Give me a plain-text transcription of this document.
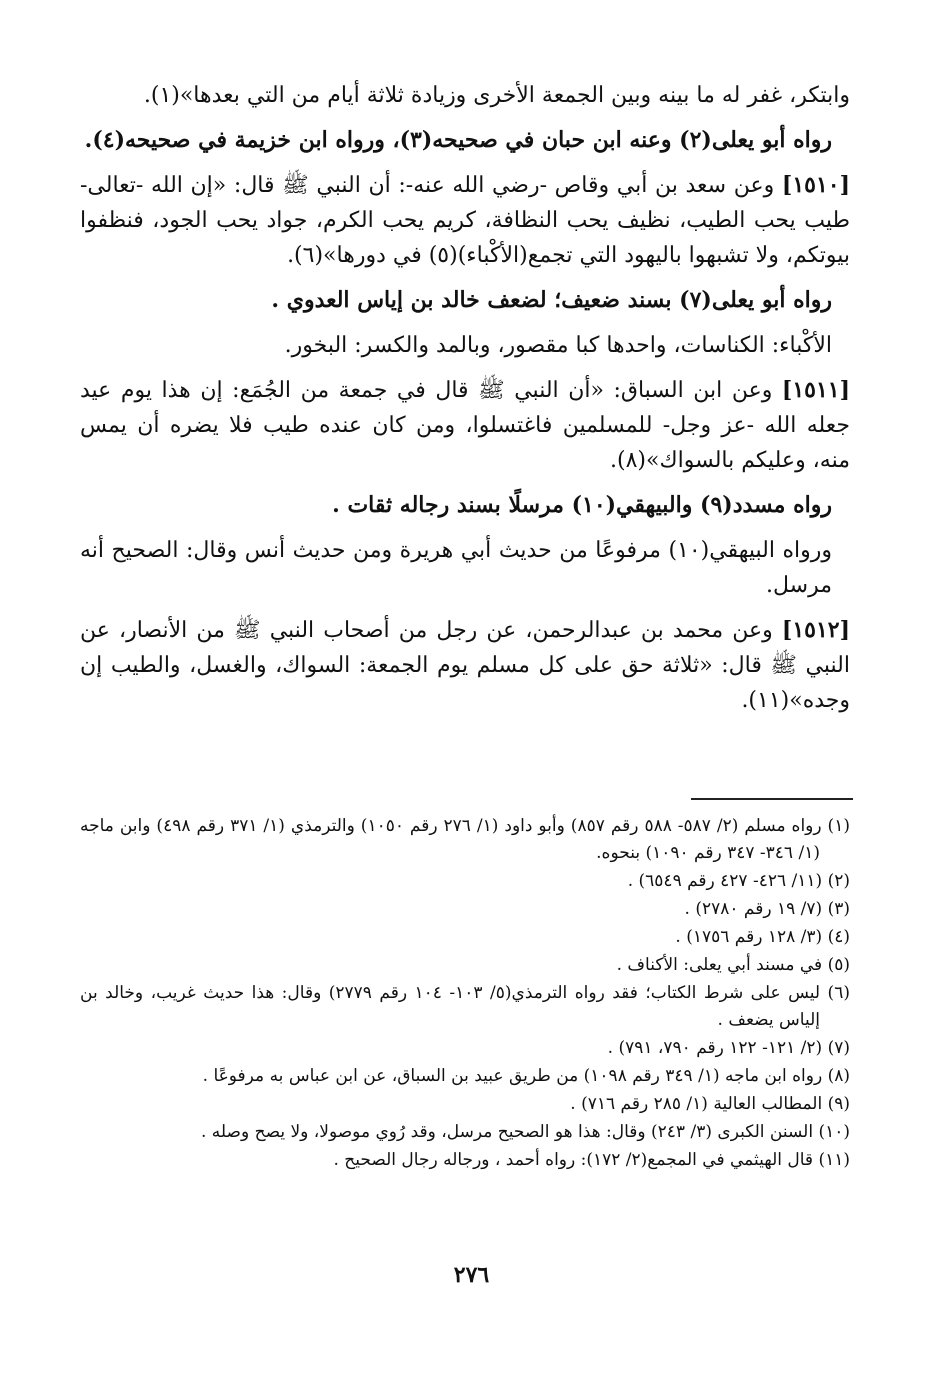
وابتكر، غفر له ما بينه وبين الجمعة الأخرى وزيادة ثلاثة أيام من التي بعدها»(١).

رواه أبو يعلى(٢) وعنه ابن حبان في صحيحه(٣)، ورواه ابن خزيمة في صحيحه(٤).

[١٥١٠] وعن سعد بن أبي وقاص -رضي الله عنه-: أن النبي ﷺ قال: «إن الله -تعالى- طيب يحب الطيب، نظيف يحب النظافة، كريم يحب الكرم، جواد يحب الجود، فنظفوا بيوتكم، ولا تشبهوا باليهود التي تجمع(الأكْباء)(٥) في دورها»(٦).

رواه أبو يعلى(٧) بسند ضعيف؛ لضعف خالد بن إياس العدوي .

الأكْباء: الكناسات، واحدها كبا مقصور، وبالمد والكسر: البخور.

[١٥١١] وعن ابن السباق: «أن النبي ﷺ قال في جمعة من الجُمَع: إن هذا يوم عيد جعله الله -عز وجل- للمسلمين فاغتسلوا، ومن كان عنده طيب فلا يضره أن يمس منه، وعليكم بالسواك»(٨).

رواه مسدد(٩) والبيهقي(١٠) مرسلًا بسند رجاله ثقات .

ورواه البيهقي(١٠) مرفوعًا من حديث أبي هريرة ومن حديث أنس وقال: الصحيح أنه مرسل.

[١٥١٢] وعن محمد بن عبدالرحمن، عن رجل من أصحاب النبي ﷺ من الأنصار، عن النبي ﷺ قال: «ثلاثة حق على كل مسلم يوم الجمعة: السواك، والغسل، والطيب إن وجده»(١١).

(١) رواه مسلم (٢/ ٥٨٧- ٥٨٨ رقم ٨٥٧) وأبو داود (١/ ٢٧٦ رقم ١٠٥٠) والترمذي (١/ ٣٧١ رقم ٤٩٨) وابن ماجه (١/ ٣٤٦- ٣٤٧ رقم ١٠٩٠) بنحوه.

(٢) (١١/ ٤٢٦- ٤٢٧ رقم ٦٥٤٩) .

(٣) (٧/ ١٩ رقم ٢٧٨٠) .

(٤) (٣/ ١٢٨ رقم ١٧٥٦) .

(٥) في مسند أبي يعلى: الأكناف .

(٦) ليس على شرط الكتاب؛ فقد رواه الترمذي(٥/ ١٠٣- ١٠٤ رقم ٢٧٧٩) وقال: هذا حديث غريب، وخالد بن إلياس يضعف .

(٧) (٢/ ١٢١- ١٢٢ رقم ٧٩٠، ٧٩١) .

(٨) رواه ابن ماجه (١/ ٣٤٩ رقم ١٠٩٨) من طريق عبيد بن السباق، عن ابن عباس به مرفوعًا .

(٩) المطالب العالية (١/ ٢٨٥ رقم ٧١٦) .

(١٠) السنن الكبرى (٣/ ٢٤٣) وقال: هذا هو الصحيح مرسل، وقد رُوي موصولا، ولا يصح وصله .

(١١) قال الهيثمي في المجمع(٢/ ١٧٢): رواه أحمد ، ورجاله رجال الصحيح .

٢٧٦
